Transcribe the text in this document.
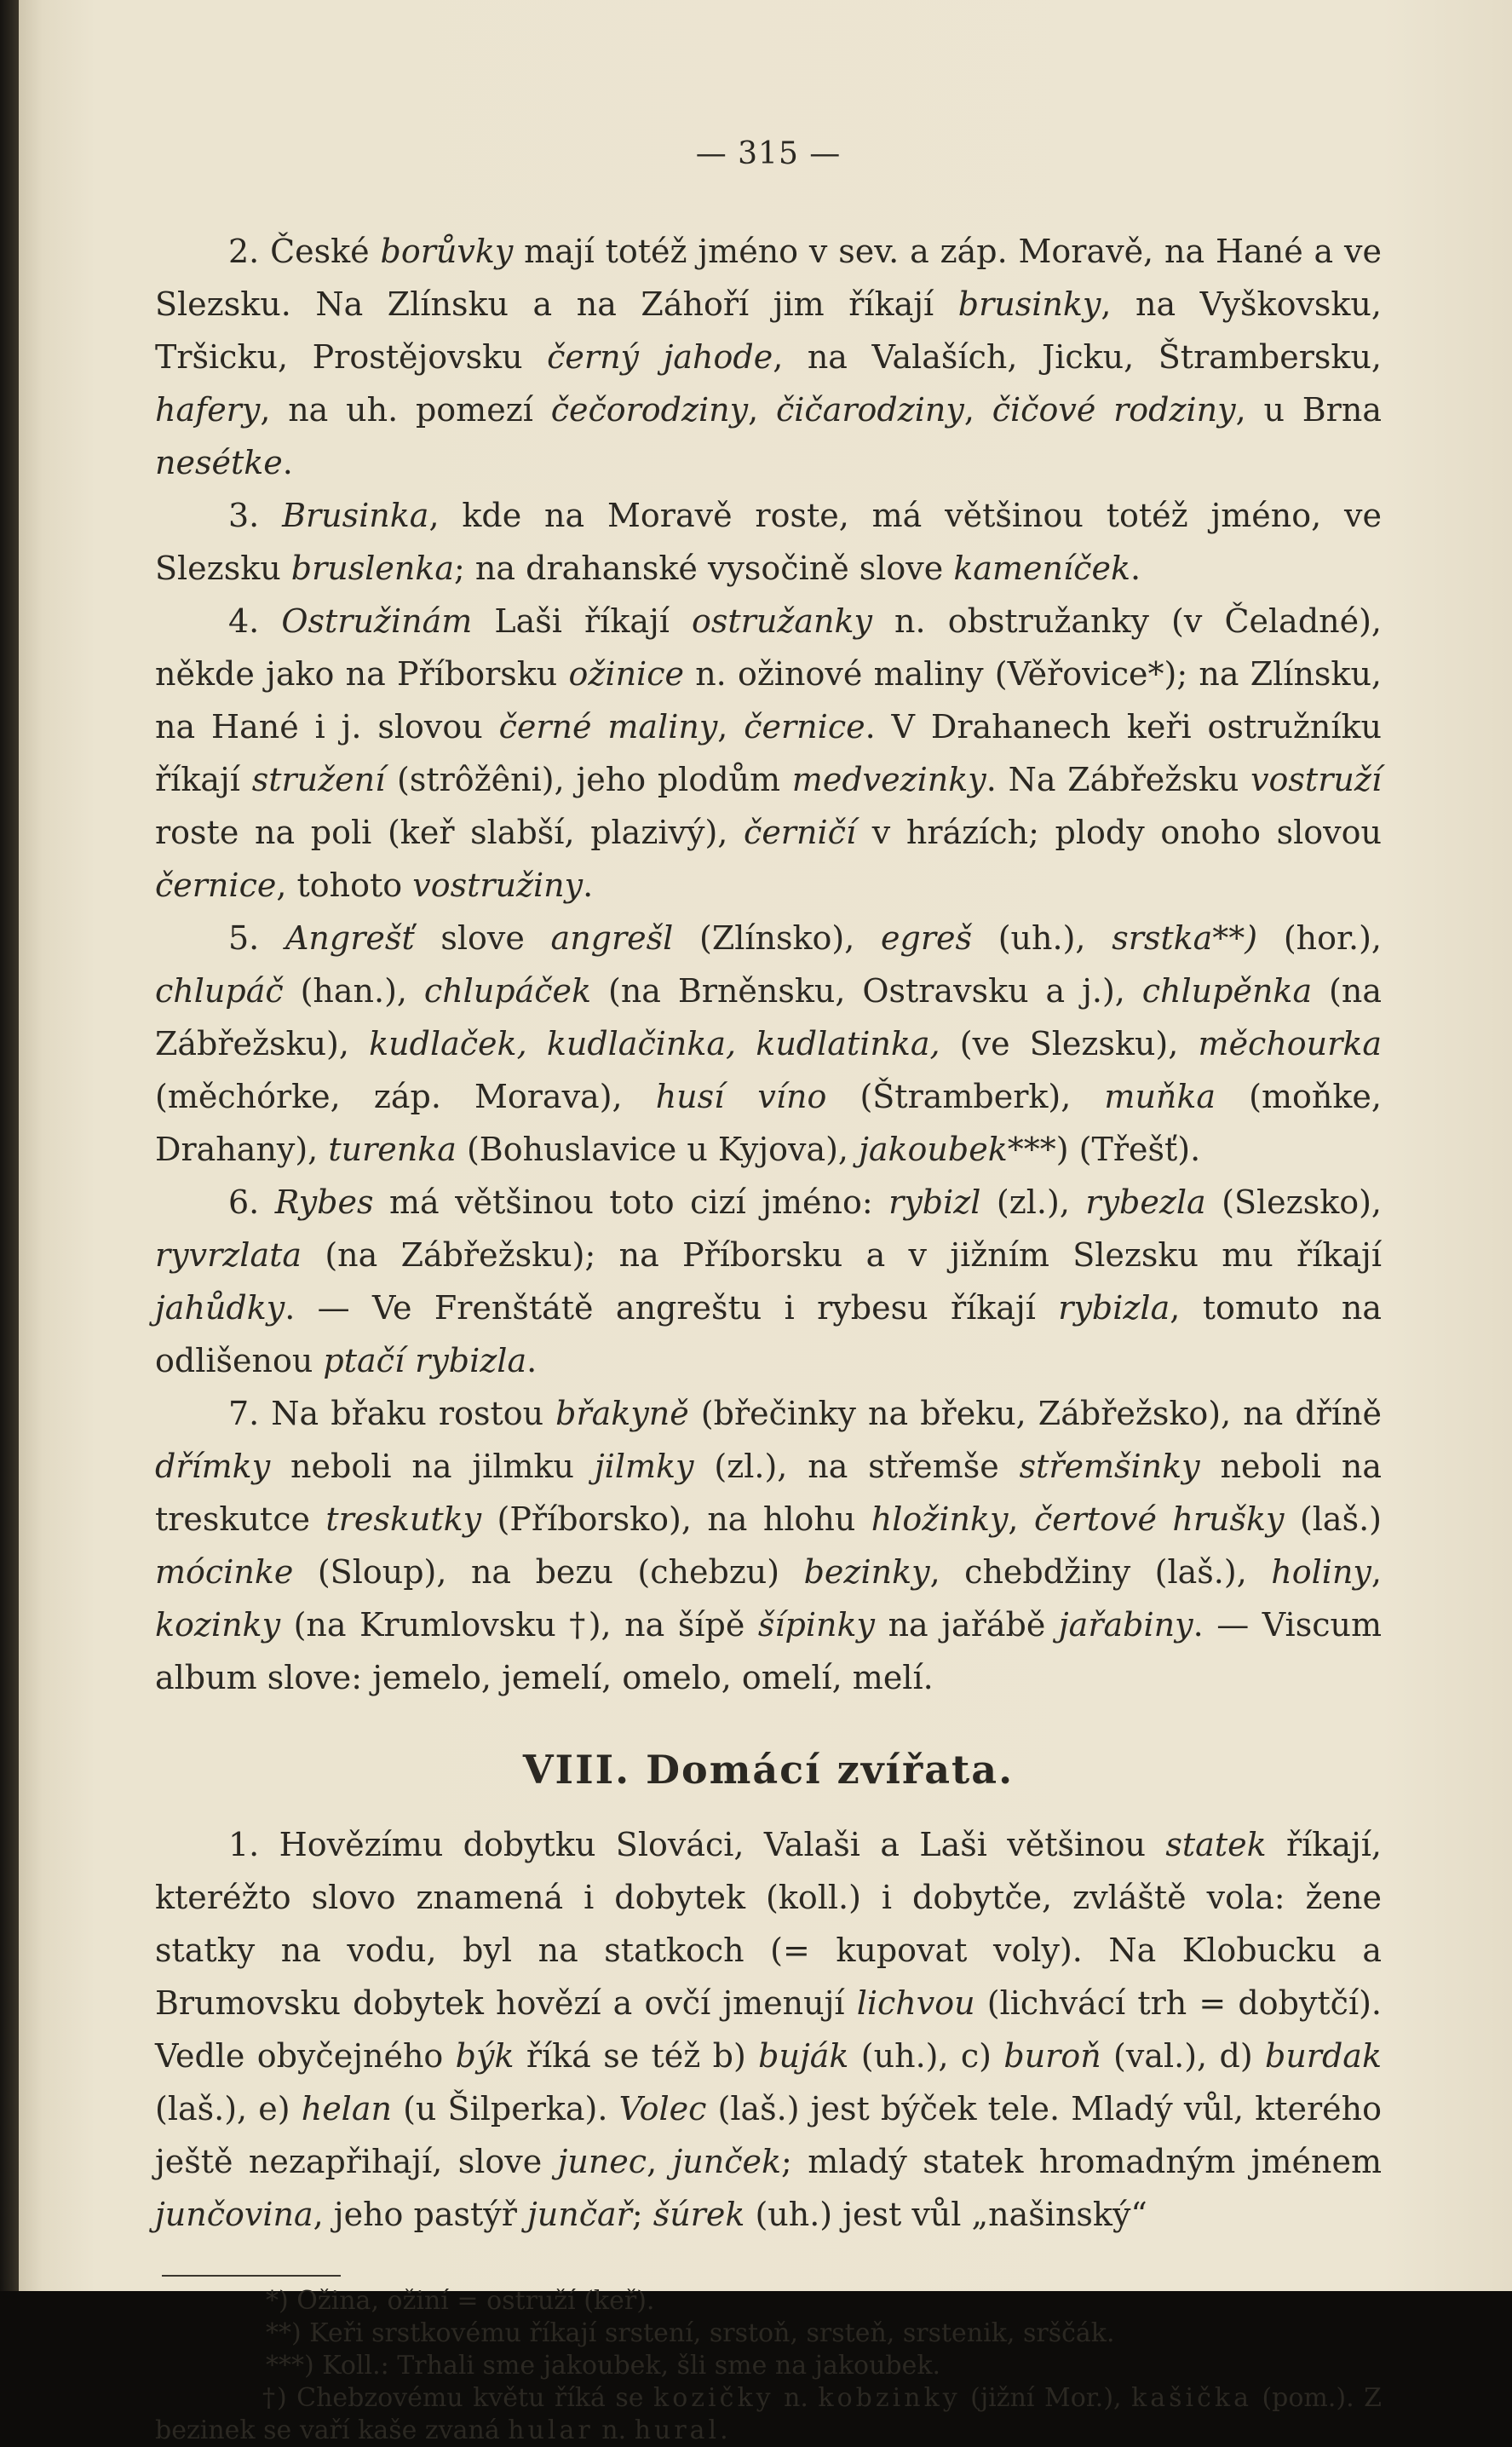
— 315 —

2. České borůvky mají totéž jméno v sev. a záp. Moravě, na Hané a ve Slezsku. Na Zlínsku a na Záhoří jim říkají brusinky, na Vyškovsku, Tršicku, Prostějovsku černý jahode, na Valaších, Jicku, Štrambersku, hafery, na uh. pomezí čečorodziny, čičarodziny, čičové rodziny, u Brna nesétke.

3. Brusinka, kde na Moravě roste, má většinou totéž jméno, ve Slezsku bruslenka; na drahanské vysočině slove kameníček.

4. Ostružinám Laši říkají ostružanky n. obstružanky (v Čeladné), někde jako na Příborsku ožinice n. ožinové maliny (Věřovice*); na Zlínsku, na Hané i j. slovou černé maliny, černice. V Drahanech keři ostružníku říkají stružení (strôžêni), jeho plodům medvezinky. Na Zábřežsku vostruží roste na poli (keř slabší, plazivý), černičí v hrázích; plody onoho slovou černice, tohoto vostružiny.

5. Angrešť slove angrešl (Zlínsko), egreš (uh.), srstka**) (hor.), chlupáč (han.), chlupáček (na Brněnsku, Ostravsku a j.), chlupěnka (na Zábřežsku), kudlaček, kudlačinka, kudlatinka, (ve Slezsku), měchourka (měchórke, záp. Morava), husí víno (Štramberk), muňka (moňke, Drahany), turenka (Bohuslavice u Kyjova), jakoubek***) (Třešť).

6. Rybes má většinou toto cizí jméno: rybizl (zl.), rybezla (Slezsko), ryvrzlata (na Zábřežsku); na Příborsku a v jižním Slezsku mu říkají jahůdky. — Ve Frenštátě angreštu i rybesu říkají rybizla, tomuto na odlišenou ptačí rybizla.

7. Na břaku rostou břakyně (břečinky na břeku, Zábřežsko), na dříně dřímky neboli na jilmku jilmky (zl.), na střemše střemšinky neboli na treskutce treskutky (Příborsko), na hlohu hložinky, čertové hrušky (laš.) mócinke (Sloup), na bezu (chebzu) bezinky, chebdžiny (laš.), holiny, kozinky (na Krumlovsku †), na šípě šípinky na jařábě jařabiny. — Viscum album slove: jemelo, jemelí, omelo, omelí, melí.

VIII. Domácí zvířata.

1. Hovězímu dobytku Slováci, Valaši a Laši většinou statek říkají, kteréžto slovo znamená i dobytek (koll.) i dobytče, zvláště vola: žene statky na vodu, byl na statkoch (= kupovat voly). Na Klobucku a Brumovsku dobytek hovězí a ovčí jmenují lichvou (lichvácí trh = dobytčí). Vedle obyčejného býk říká se též b) buják (uh.), c) buroň (val.), d) burdak (laš.), e) helan (u Šilperka). Volec (laš.) jest býček tele. Mladý vůl, kterého ještě nezapřihají, slove junec, junček; mladý statek hromadným jménem junčovina, jeho pastýř junčař; šúrek (uh.) jest vůl „našinský“

*) Ožina, ožiní = ostruží (keř).

**) Keři srstkovému říkají srstení, srstoň, srsteň, srstenik, srščák.

***) Koll.: Trhali sme jakoubek, šli sme na jakoubek.

†) Chebzovému květu říká se kozičky n. kobzinky (jižní Mor.), kašička (pom.). Z bezinek se vaří kaše zvaná hular n. hural.
